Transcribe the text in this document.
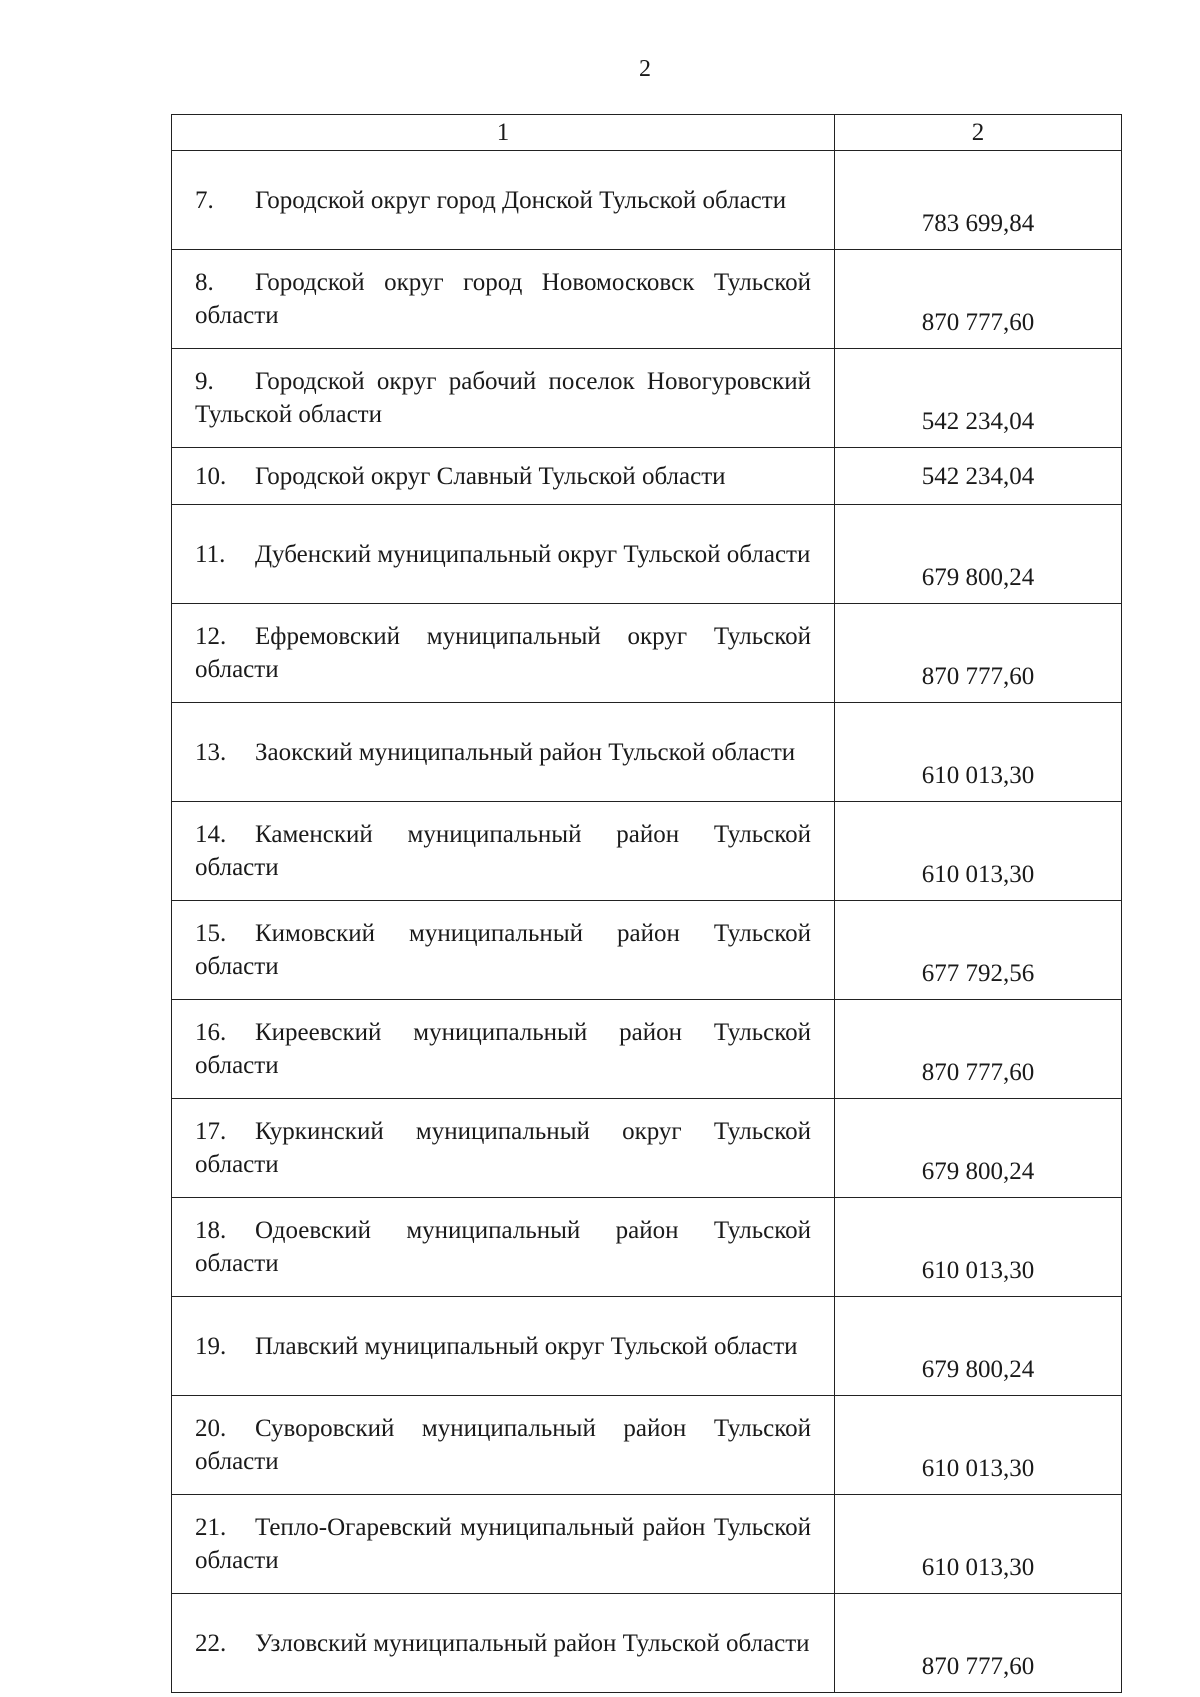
2
1	2

7. Городской округ город Донской Тульской области	783 699,84

8. Городской округ город Новомосковск Тульской области	870 777,60

9. Городской округ рабочий поселок Новогуровский Тульской области	542 234,04

10. Городской округ Славный Тульской области	542 234,04

11. Дубенский муниципальный округ Тульской области	679 800,24

12. Ефремовский муниципальный округ Тульской области	870 777,60

13. Заокский муниципальный район Тульской области	610 013,30

14. Каменский муниципальный район Тульской области	610 013,30

15. Кимовский муниципальный район Тульской области	677 792,56

16. Киреевский муниципальный район Тульской области	870 777,60

17. Куркинский муниципальный округ Тульской области	679 800,24

18. Одоевский муниципальный район Тульской области	610 013,30

19. Плавский муниципальный округ Тульской области	679 800,24

20. Суворовский муниципальный район Тульской области	610 013,30

21. Тепло-Огаревский муниципальный район Тульской области	610 013,30

22. Узловский муниципальный район Тульской области	870 777,60
